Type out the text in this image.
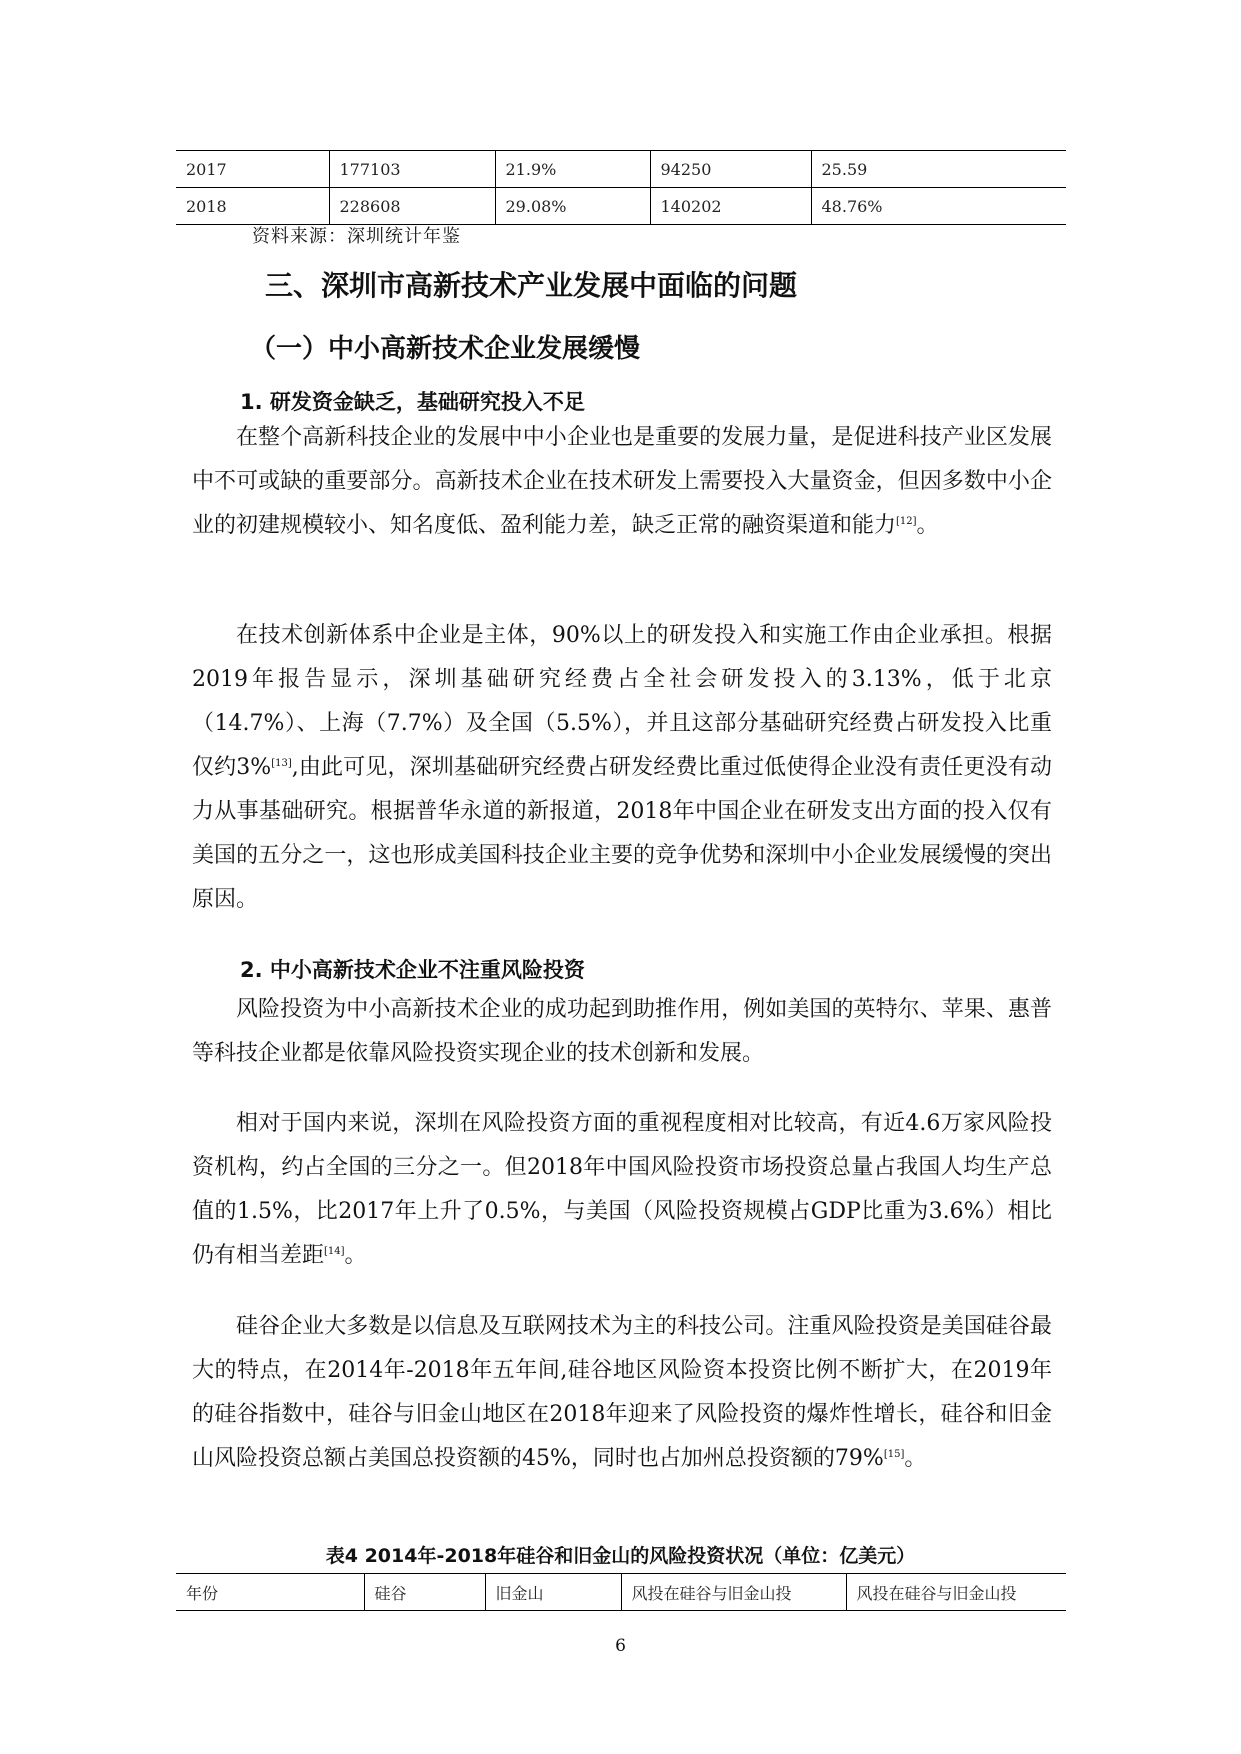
2017	177103	21.9%	94250	25.59
2018	228608	29.08%	140202	48.76%
资料来源：深圳统计年鉴
三、深圳市高新技术产业发展中面临的问题
（一）中小高新技术企业发展缓慢
1. 研发资金缺乏，基础研究投入不足

在整个高新科技企业的发展中中小企业也是重要的发展力量，是促进科技产业区发展中不可或缺的重要部分。高新技术企业在技术研发上需要投入大量资金，但因多数中小企业的初建规模较小、知名度低、盈利能力差，缺乏正常的融资渠道和能力[12]。

在技术创新体系中企业是主体，90%以上的研发投入和实施工作由企业承担。根据2019年报告显示，深圳基础研究经费占全社会研发投入的3.13%，低于北京（14.7%）、上海（7.7%）及全国（5.5%），并且这部分基础研究经费占研发投入比重仅约3%[13],由此可见，深圳基础研究经费占研发经费比重过低使得企业没有责任更没有动力从事基础研究。根据普华永道的新报道，2018年中国企业在研发支出方面的投入仅有美国的五分之一，这也形成美国科技企业主要的竞争优势和深圳中小企业发展缓慢的突出原因。

2. 中小高新技术企业不注重风险投资

风险投资为中小高新技术企业的成功起到助推作用，例如美国的英特尔、苹果、惠普等科技企业都是依靠风险投资实现企业的技术创新和发展。

相对于国内来说，深圳在风险投资方面的重视程度相对比较高，有近4.6万家风险投资机构，约占全国的三分之一。但2018年中国风险投资市场投资总量占我国人均生产总值的1.5%，比2017年上升了0.5%，与美国（风险投资规模占GDP比重为3.6%）相比仍有相当差距[14]。

硅谷企业大多数是以信息及互联网技术为主的科技公司。注重风险投资是美国硅谷最大的特点，在2014年-2018年五年间,硅谷地区风险资本投资比例不断扩大，在2019年的硅谷指数中，硅谷与旧金山地区在2018年迎来了风险投资的爆炸性增长，硅谷和旧金山风险投资总额占美国总投资额的45%，同时也占加州总投资额的79%[15]。

表4 2014年-2018年硅谷和旧金山的风险投资状况（单位：亿美元）
年份	硅谷	旧金山	风投在硅谷与旧金山投	风投在硅谷与旧金山投
6
